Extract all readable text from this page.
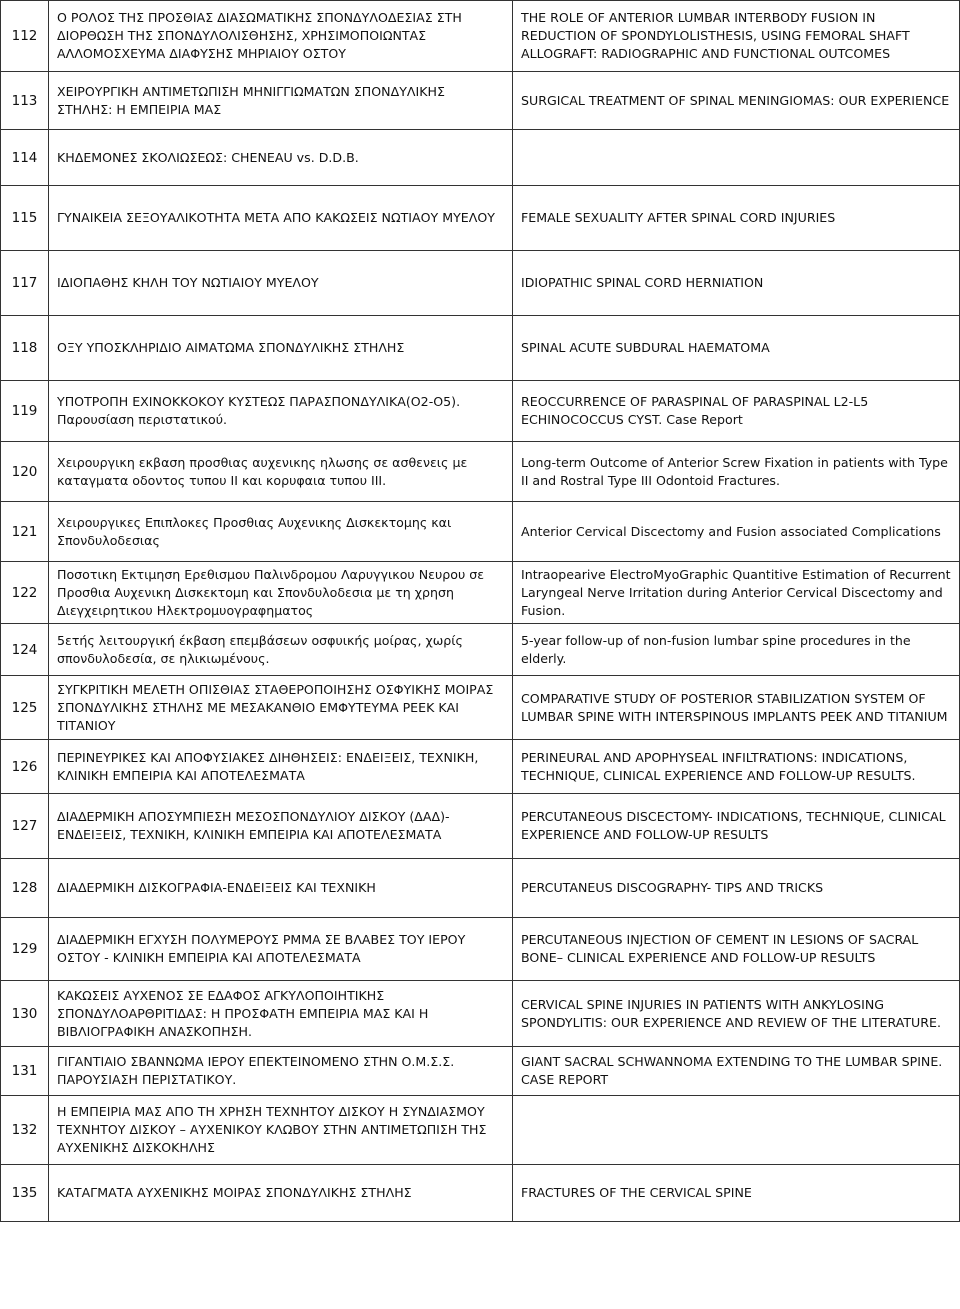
112	Ο ΡΟΛΟΣ ΤΗΣ ΠΡΟΣΘΙΑΣ ΔΙΑΣΩΜΑΤΙΚΗΣ ΣΠΟΝΔΥΛΟΔΕΣΙΑΣ ΣΤΗ ΔΙΟΡΘΩΣΗ ΤΗΣ ΣΠΟΝΔΥΛΟΛΙΣΘΗΣΗΣ, ΧΡΗΣΙΜΟΠΟΙΩΝΤΑΣ ΑΛΛΟΜΟΣΧΕΥΜΑ ΔΙΑΦΥΣΗΣ ΜΗΡΙΑΙΟΥ ΟΣΤΟΥ	THE ROLE OF ANTERIOR LUMBAR INTERBODY FUSION IN REDUCTION OF SPONDYLOLISTHESIS, USING FEMORAL SHAFT ALLOGRAFT: RADIOGRAPHIC AND FUNCTIONAL OUTCOMES
113	ΧΕΙΡΟΥΡΓΙΚΗ ΑΝΤΙΜΕΤΩΠΙΣΗ ΜΗΝΙΓΓΙΩΜΑΤΩΝ ΣΠΟΝΔΥΛΙΚΗΣ ΣΤΗΛΗΣ: Η ΕΜΠΕΙΡΙΑ ΜΑΣ	SURGICAL TREATMENT OF SPINAL MENINGIOMAS: OUR EXPERIENCE
114	ΚΗΔΕΜΟΝΕΣ ΣΚΟΛΙΩΣΕΩΣ: CHENEAU vs. D.D.B.	
115	ΓΥΝΑΙΚΕΙΑ ΣΕΞΟΥΑΛΙΚΟΤΗΤΑ ΜΕΤΑ ΑΠΟ ΚΑΚΩΣΕΙΣ ΝΩΤΙΑΟΥ ΜΥΕΛΟΥ	FEMALE SEXUALITY AFTER SPINAL CORD INJURIES
117	ΙΔΙΟΠΑΘΗΣ ΚΗΛΗ ΤΟΥ ΝΩΤΙΑΙΟΥ ΜΥΕΛΟΥ	IDIOPATHIC SPINAL CORD HERNIATION
118	ΟΞΥ ΥΠΟΣΚΛΗΡΙΔΙΟ ΑΙΜΑΤΩΜΑ ΣΠΟΝΔΥΛΙΚΗΣ ΣΤΗΛΗΣ	SPINAL ACUTE SUBDURAL HAEMATOMA
119	ΥΠΟΤΡΟΠΗ ΕΧΙΝΟΚΚΟΚΟΥ ΚΥΣΤΕΩΣ ΠΑΡΑΣΠΟΝΔΥΛΙΚΑ(Ο2-Ο5). Παρουσίαση περιστατικού.	REOCCURRENCE OF PARASPINAL OF PARASPINAL L2-L5 ECHINOCOCCUS CYST. Case Report
120	Χειρουργικη εκβαση προσθιας αυχενικης ηλωσης σε ασθενεις με καταγματα οδοντος τυπου II και κορυφαια τυπου III.	Long-term Outcome of Anterior Screw Fixation in patients with Type II and Rostral Type III Odontoid Fractures.
121	Χειρουργικες Επιπλοκες Προσθιας Αυχενικης Δισκεκτομης και Σπονδυλοδεσιας	Anterior Cervical Discectomy and Fusion associated Complications
122	Ποσοτικη Εκτιμηση Ερεθισμου Παλινδρομου Λαρυγγικου Νευρου σε Προσθια Αυχενικη Δισκεκτομη και Σπονδυλοδεσια με τη χρηση Διεγχειρητικου Ηλεκτρομυογραφηματος	Intraopearive ElectroMyoGraphic Quantitive Estimation of Recurrent Laryngeal Nerve Irritation during Anterior Cervical Discectomy and Fusion.
124	5ετής λειτουργική έκβαση επεμβάσεων οσφυικής μοίρας, χωρίς σπονδυλοδεσία, σε ηλικιωμένους.	5-year follow-up of non-fusion lumbar spine procedures in the elderly.
125	ΣΥΓΚΡΙΤΙΚΗ ΜΕΛΕΤΗ ΟΠΙΣΘΙΑΣ ΣΤΑΘΕΡΟΠΟΙΗΣΗΣ ΟΣΦΥΙΚΗΣ ΜΟΙΡΑΣ ΣΠΟΝΔΥΛΙΚΗΣ ΣΤΗΛΗΣ ΜΕ ΜΕΣΑΚΑΝΘΙΟ ΕΜΦΥΤΕΥΜΑ PEEK ΚΑΙ ΤΙΤΑΝΙΟΥ	COMPARATIVE STUDY OF POSTERIOR STABILIZATION SYSTEM OF LUMBAR SPINE WITH INTERSPINOUS IMPLANTS PEEK AND TITANIUM
126	ΠΕΡΙΝΕΥΡΙΚΕΣ ΚΑΙ ΑΠΟΦΥΣΙΑΚΕΣ ΔΙΗΘΗΣΕΙΣ: ΕΝΔΕΙΞΕΙΣ, ΤΕΧΝΙΚΗ, ΚΛΙΝΙΚΗ ΕΜΠΕΙΡΙΑ ΚΑΙ ΑΠΟΤΕΛΕΣΜΑΤΑ	PERINEURAL AND APOPHYSEAL INFILTRATIONS: INDICATIONS, TECHNIQUE, CLINICAL EXPERIENCE AND FOLLOW-UP RESULTS.
127	ΔΙΑΔΕΡΜΙΚΗ ΑΠΟΣΥΜΠΙΕΣΗ ΜΕΣΟΣΠΟΝΔΥΛΙΟΥ ΔΙΣΚΟΥ (ΔΑΔ)- ΕΝΔΕΙΞΕΙΣ, ΤΕΧΝΙΚΗ, ΚΛΙΝΙΚΗ ΕΜΠΕΙΡΙΑ ΚΑΙ ΑΠΟΤΕΛΕΣΜΑΤΑ	PERCUTANEOUS DISCECTOMY- INDICATIONS, TECHNIQUE, CLINICAL EXPERIENCE AND FOLLOW-UP RESULTS
128	ΔΙΑΔΕΡΜΙΚΗ ΔΙΣΚΟΓΡΑΦΙΑ-ΕΝΔΕΙΞΕΙΣ ΚΑΙ ΤΕΧΝΙΚΗ	PERCUTANEUS DISCOGRAPHY- TIPS AND TRICKS
129	ΔΙΑΔΕΡΜΙΚΗ ΕΓΧΥΣΗ ΠΟΛΥΜΕΡΟΥΣ ΡΜΜΑ ΣΕ ΒΛΑΒΕΣ ΤΟΥ ΙΕΡΟΥ ΟΣΤΟΥ - ΚΛΙΝΙΚΗ ΕΜΠΕΙΡΙΑ ΚΑΙ ΑΠΟΤΕΛΕΣΜΑΤΑ	PERCUTANEOUS INJECTION OF CEMENT IN LESIONS OF SACRAL BONE– CLINICAL EXPERIENCE AND FOLLOW-UP RESULTS
130	ΚΑΚΩΣΕΙΣ ΑΥΧΕΝΟΣ ΣΕ ΕΔΑΦΟΣ ΑΓΚΥΛΟΠΟΙΗΤΙΚΗΣ ΣΠΟΝΔΥΛΟΑΡΘΡΙΤΙΔΑΣ: Η ΠΡΟΣΦΑΤΗ ΕΜΠΕΙΡΙΑ ΜΑΣ ΚΑΙ Η ΒΙΒΛΙΟΓΡΑΦΙΚΗ ΑΝΑΣΚΟΠΗΣΗ.	CERVICAL SPINE INJURIES IN PATIENTS WITH ANKYLOSING SPONDYLITIS: OUR EXPERIENCE AND REVIEW OF THE LITERATURE.
131	ΓΙΓΑΝΤΙΑΙΟ ΣΒΑΝΝΩΜΑ ΙΕΡΟΥ ΕΠΕΚΤΕΙΝΟΜΕΝΟ ΣΤΗΝ Ο.Μ.Σ.Σ. ΠΑΡΟΥΣΙΑΣΗ ΠΕΡΙΣΤΑΤΙΚΟΥ.	GIANT SACRAL SCHWANNOMA EXTENDING TO THE LUMBAR SPINE. CASE REPORT
132	Η ΕΜΠΕΙΡΙΑ ΜΑΣ ΑΠΟ ΤΗ ΧΡΗΣΗ ΤΕΧΝΗΤΟΥ ΔΙΣΚΟΥ Η ΣΥΝΔΙΑΣΜΟΥ ΤΕΧΝΗΤΟΥ ΔΙΣΚΟΥ – ΑΥΧΕΝΙΚΟΥ ΚΛΩΒΟΥ ΣΤΗΝ ΑΝΤΙΜΕΤΩΠΙΣΗ ΤΗΣ ΑΥΧΕΝΙΚΗΣ ΔΙΣΚΟΚΗΛΗΣ	
135	ΚΑΤΑΓΜΑΤΑ ΑΥΧΕΝΙΚΗΣ ΜΟΙΡΑΣ ΣΠΟΝΔΥΛΙΚΗΣ ΣΤΗΛΗΣ	FRACTURES OF THE CERVICAL SPINE
